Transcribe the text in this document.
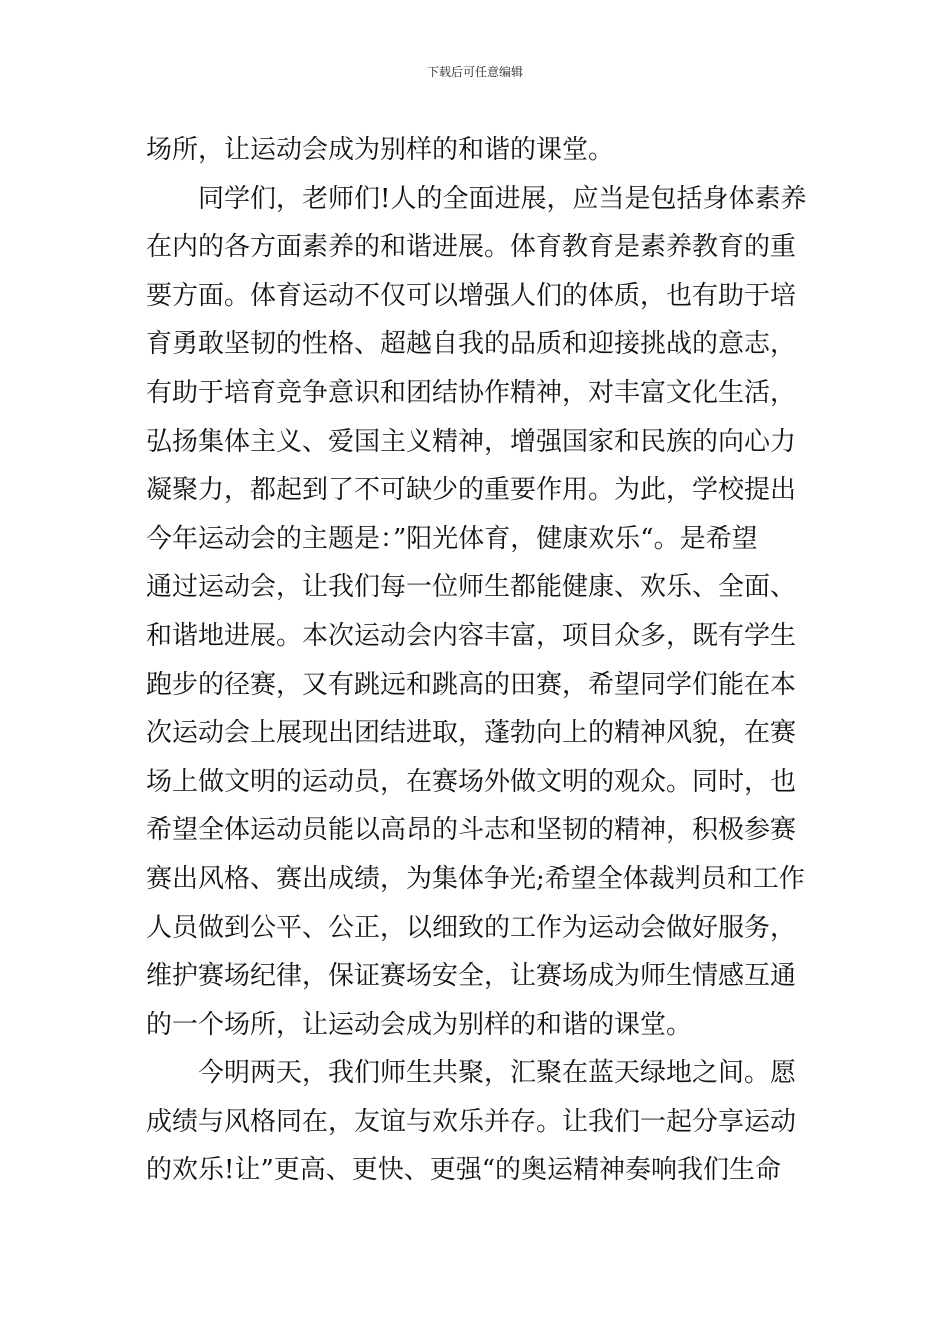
下载后可任意编辑
场所，让运动会成为别样的和谐的课堂。
同学们，老师们!人的全面进展，应当是包括身体素养
在内的各方面素养的和谐进展。体育教育是素养教育的重
要方面。体育运动不仅可以增强人们的体质，也有助于培
育勇敢坚韧的性格、超越自我的品质和迎接挑战的意志，
有助于培育竞争意识和团结协作精神，对丰富文化生活，
弘扬集体主义、爱国主义精神，增强国家和民族的向心力
凝聚力，都起到了不可缺少的重要作用。为此，学校提出
今年运动会的主题是：”阳光体育，健康欢乐“。是希望
通过运动会，让我们每一位师生都能健康、欢乐、全面、
和谐地进展。本次运动会内容丰富，项目众多，既有学生
跑步的径赛，又有跳远和跳高的田赛，希望同学们能在本
次运动会上展现出团结进取，蓬勃向上的精神风貌，在赛
场上做文明的运动员，在赛场外做文明的观众。同时，也
希望全体运动员能以高昂的斗志和坚韧的精神，积极参赛
赛出风格、赛出成绩，为集体争光;希望全体裁判员和工作
人员做到公平、公正，以细致的工作为运动会做好服务，
维护赛场纪律，保证赛场安全，让赛场成为师生情感互通
的一个场所，让运动会成为别样的和谐的课堂。
今明两天，我们师生共聚，汇聚在蓝天绿地之间。愿
成绩与风格同在，友谊与欢乐并存。让我们一起分享运动
的欢乐!让”更高、更快、更强“的奥运精神奏响我们生命
